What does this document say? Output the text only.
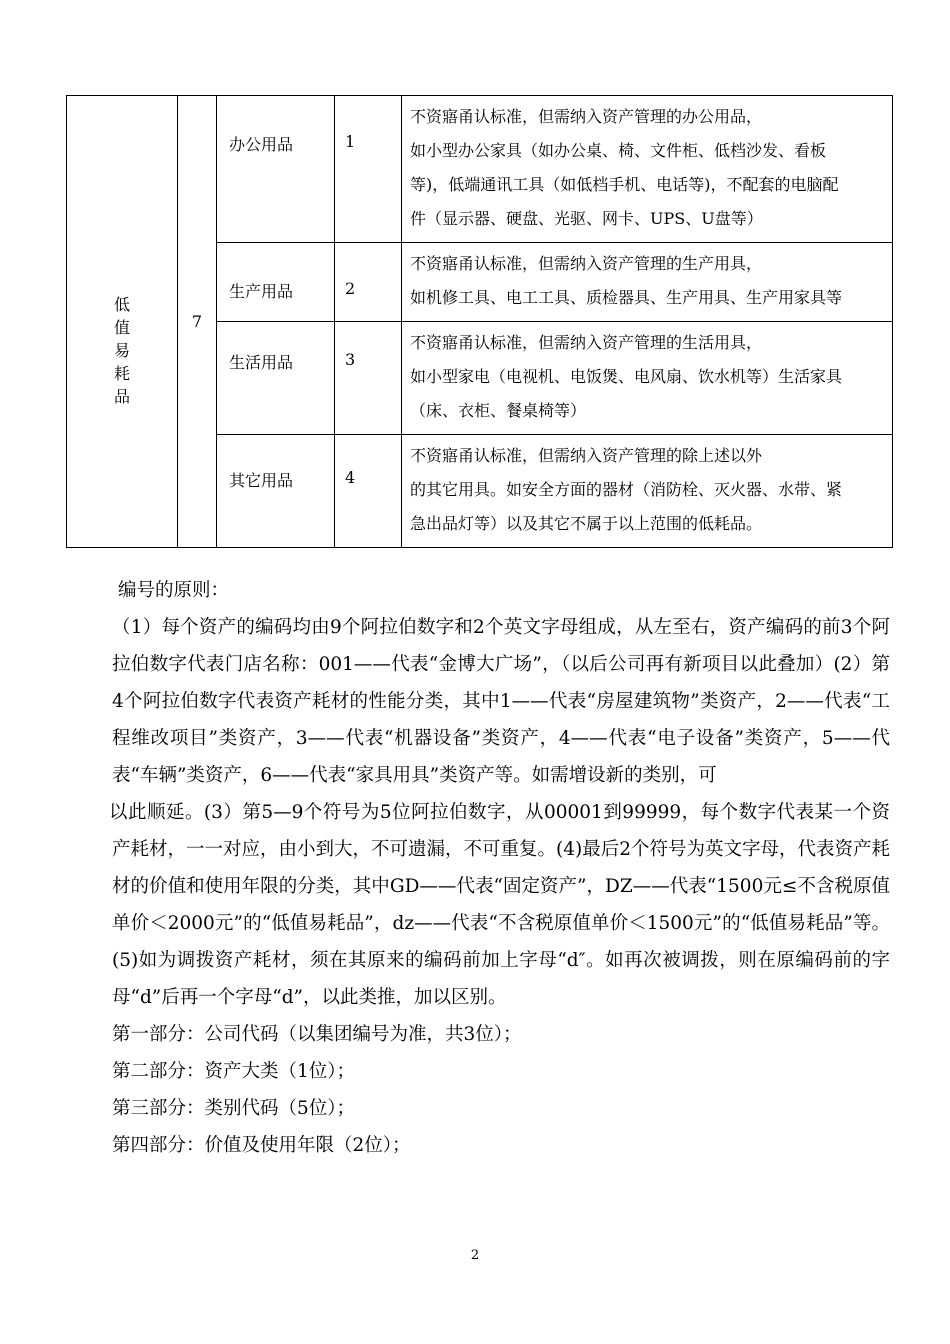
低值易耗品	7	办公用品	1	不资寤甬认标准，但需纳入资产管理的办公用品，
如小型办公家具（如办公桌、椅、文件柜、低档沙发、看板
等)，低端通讯工具（如低档手机、电话等)，不配套的电脑配
件（显示器、硬盘、光驱、网卡、UPS、U盘等）

		生产用品	2	不资寤甬认标准，但需纳入资产管理的生产用具，
如机修工具、电工工具、质检器具、生产用具、生产用家具等

		生活用品	3	不资寤甬认标准，但需纳入资产管理的生活用具，
如小型家电（电视机、电饭煲、电风扇、饮水机等）生活家具
（床、衣柜、餐桌椅等）

		其它用品	4	不资寤甬认标准，但需纳入资产管理的除上述以外
的其它用具。如安全方面的器材（消防栓、灭火器、水带、紧
急出品灯等）以及其它不属于以上范围的低耗品。

编号的原则：

（1）每个资产的编码均由9个阿拉伯数字和2个英文字母组成，从左至右，资产编码的前3个阿拉伯数字代表门店名称：001——代表“金博大广场”，（以后公司再有新项目以此叠加）(2）第4个阿拉伯数字代表资产耗材的性能分类，其中1——代表“房屋建筑物”类资产，2——代表“工程维改项目”类资产，3——代表“机器设备”类资产，4——代表“电子设备”类资产，5——代表“车辆”类资产，6——代表“家具用具”类资产等。如需增设新的类别，可

以此顺延。(3）第5—9个符号为5位阿拉伯数字，从00001到99999，每个数字代表某一个资产耗材，一一对应，由小到大，不可遗漏，不可重复。(4)最后2个符号为英文字母，代表资产耗材的价值和使用年限的分类，其中GD——代表“固定资产”，DZ——代表“1500元≤不含税原值单价＜2000元”的“低值易耗品”，dz——代表“不含税原值单价＜1500元”的“低值易耗品”等。(5)如为调拨资产耗材，须在其原来的编码前加上字母“d″。如再次被调拨，则在原编码前的字母“d”后再一个字母“d”，以此类推，加以区别。

第一部分：公司代码（以集团编号为准，共3位）；

第二部分：资产大类（1位）；

第三部分：类别代码（5位）；

第四部分：价值及使用年限（2位）；

2
